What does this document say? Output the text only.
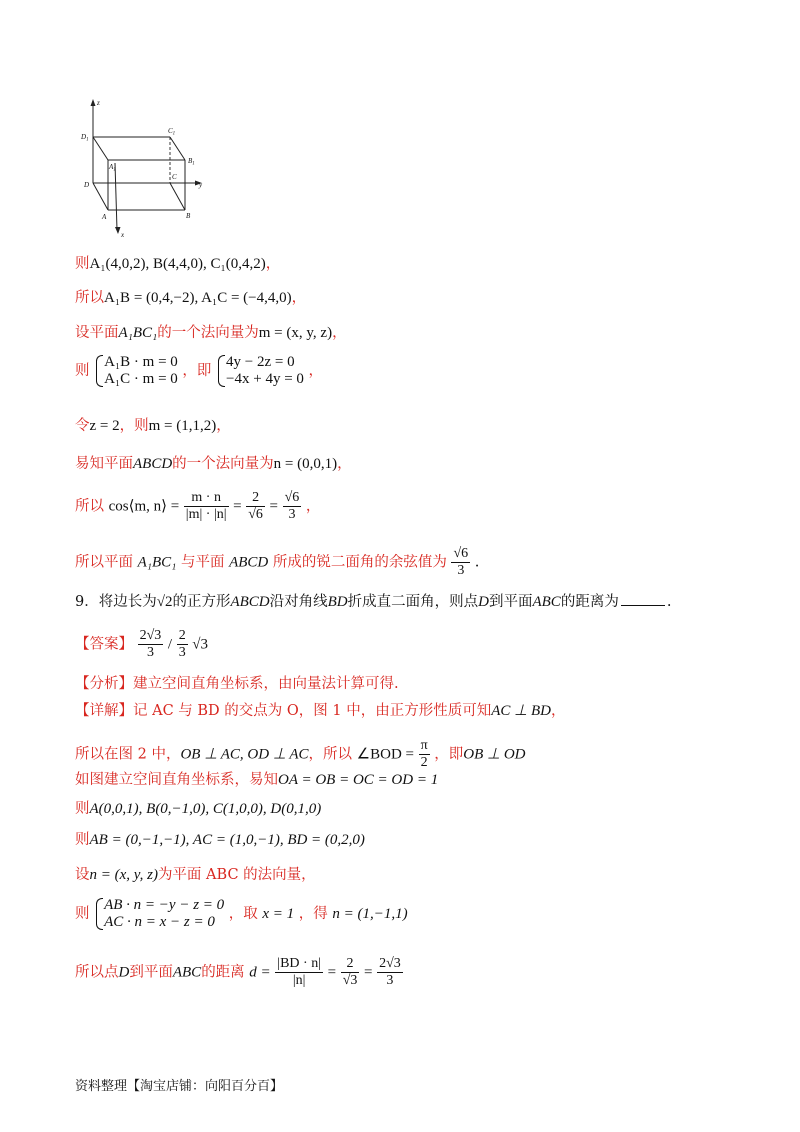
z
y
x
$D_1$
$C_1$
$B_1$
$A_1$
C
D
A	B
则A₁(4,0,2), B(4,4,0), C₁(0,4,2)，
所以A₁B = (0,4,−2), A₁C = (−4,4,0)，
设平面A₁BC₁的一个法向量为m = (x, y, z)，
则
A₁B · m = 0
A₁C · m = 0 ，即
4y − 2z = 0
−4x + 4y = 0 ，
令z = 2，则m = (1,1,2)，
易知平面ABCD的一个法向量为n = (0,0,1)，
所以 cos⟨m, n⟩ = $\frac{m \cdot n}{|m| \cdot |n|} = \frac{2}{√6} = \frac{√6}{3}$ ，
所以平面 A₁BC₁ 与平面 ABCD 所成的锐二面角的余弦值为 $\frac{√6}{3}$ .
9．将边长为√2的正方形ABCD沿对角线BD折成直二面角，则点D到平面ABC的距离为	.
【答案】 $\frac{2√3}{3} / \frac{2}{3} √3$
【分析】建立空间直角坐标系，由向量法计算可得.
【详解】记 AC 与 BD 的交点为 O，图 1 中，由正方形性质可知AC ⊥ BD，
所以在图 2 中，OB ⊥ AC, OD ⊥ AC，所以 ∠BOD = $\frac{\pi}{2}$ ，即OB ⊥ OD
如图建立空间直角坐标系，易知OA = OB = OC = OD = 1
则A(0,0,1), B(0,−1,0), C(1,0,0), D(0,1,0)
则AB = (0,−1,−1), AC = (1,0,−1), BD = (0,2,0)
设n = (x, y, z)为平面 ABC 的法向量，
则
AB · n = −y − z = 0
AC · n = x − z = 0 ，取 x = 1 ，得 n = (1,−1,1)
所以点D到平面ABC的距离 $d = \frac{|BD \cdot n|}{|n|} = \frac{2}{√3} = \frac{2√3}{3}$
资料整理【淘宝店铺：向阳百分百】
